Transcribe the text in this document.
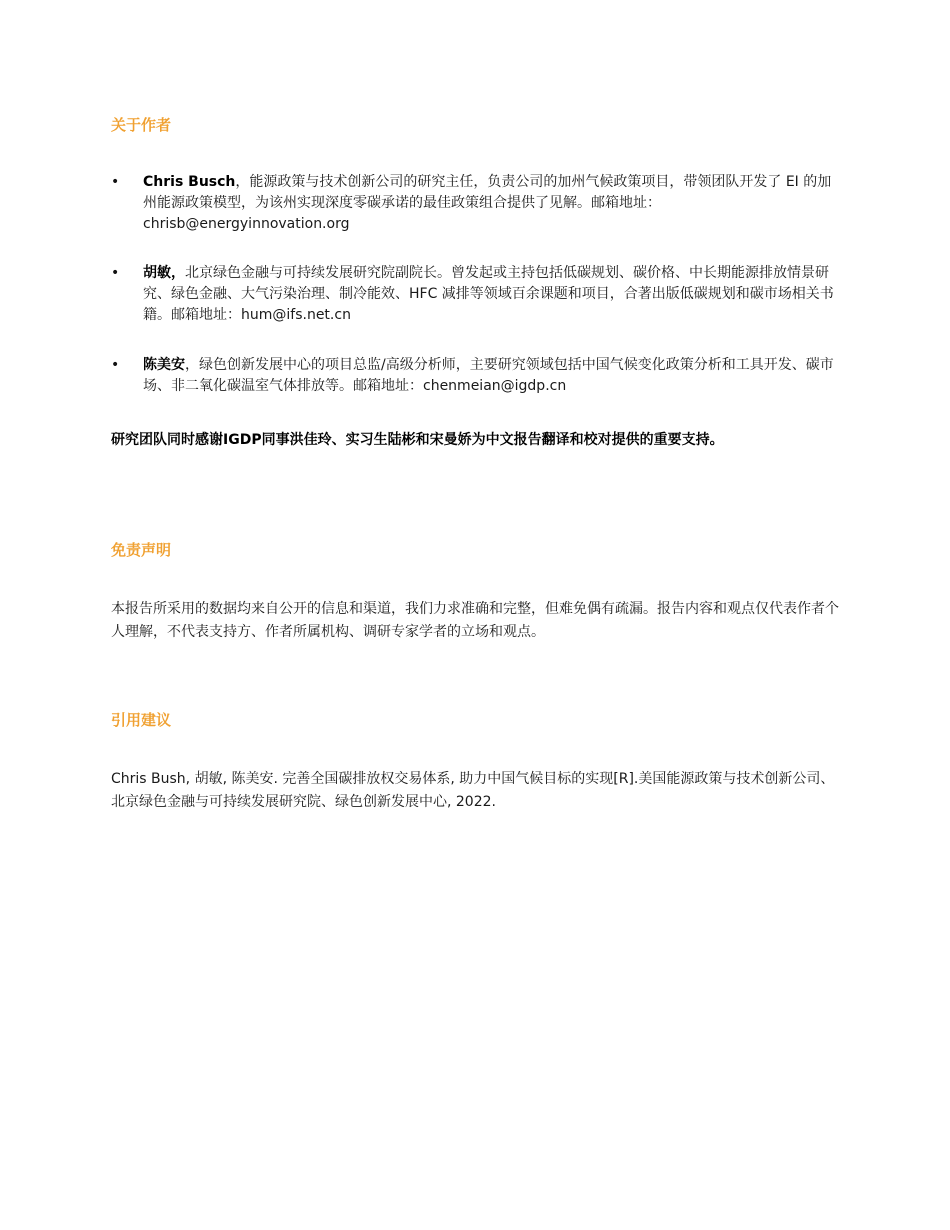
关于作者
• Chris Busch，能源政策与技术创新公司的研究主任，负责公司的加州气候政策项目，带领团队开发了 EI 的加州能源政策模型，为该州实现深度零碳承诺的最佳政策组合提供了见解。邮箱地址：chrisb@energyinnovation.org
• 胡敏，北京绿色金融与可持续发展研究院副院长。曾发起或主持包括低碳规划、碳价格、中长期能源排放情景研究、绿色金融、大气污染治理、制冷能效、HFC 减排等领域百余课题和项目，合著出版低碳规划和碳市场相关书籍。邮箱地址：hum@ifs.net.cn
• 陈美安，绿色创新发展中心的项目总监/高级分析师，主要研究领域包括中国气候变化政策分析和工具开发、碳市场、非二氧化碳温室气体排放等。邮箱地址：chenmeian@igdp.cn
研究团队同时感谢IGDP同事洪佳玲、实习生陆彬和宋曼娇为中文报告翻译和校对提供的重要支持。
免责声明
本报告所采用的数据均来自公开的信息和渠道，我们力求准确和完整，但难免偶有疏漏。报告内容和观点仅代表作者个人理解，不代表支持方、作者所属机构、调研专家学者的立场和观点。
引用建议
Chris Bush, 胡敏, 陈美安. 完善全国碳排放权交易体系, 助力中国气候目标的实现[R].美国能源政策与技术创新公司、北京绿色金融与可持续发展研究院、绿色创新发展中心, 2022.
